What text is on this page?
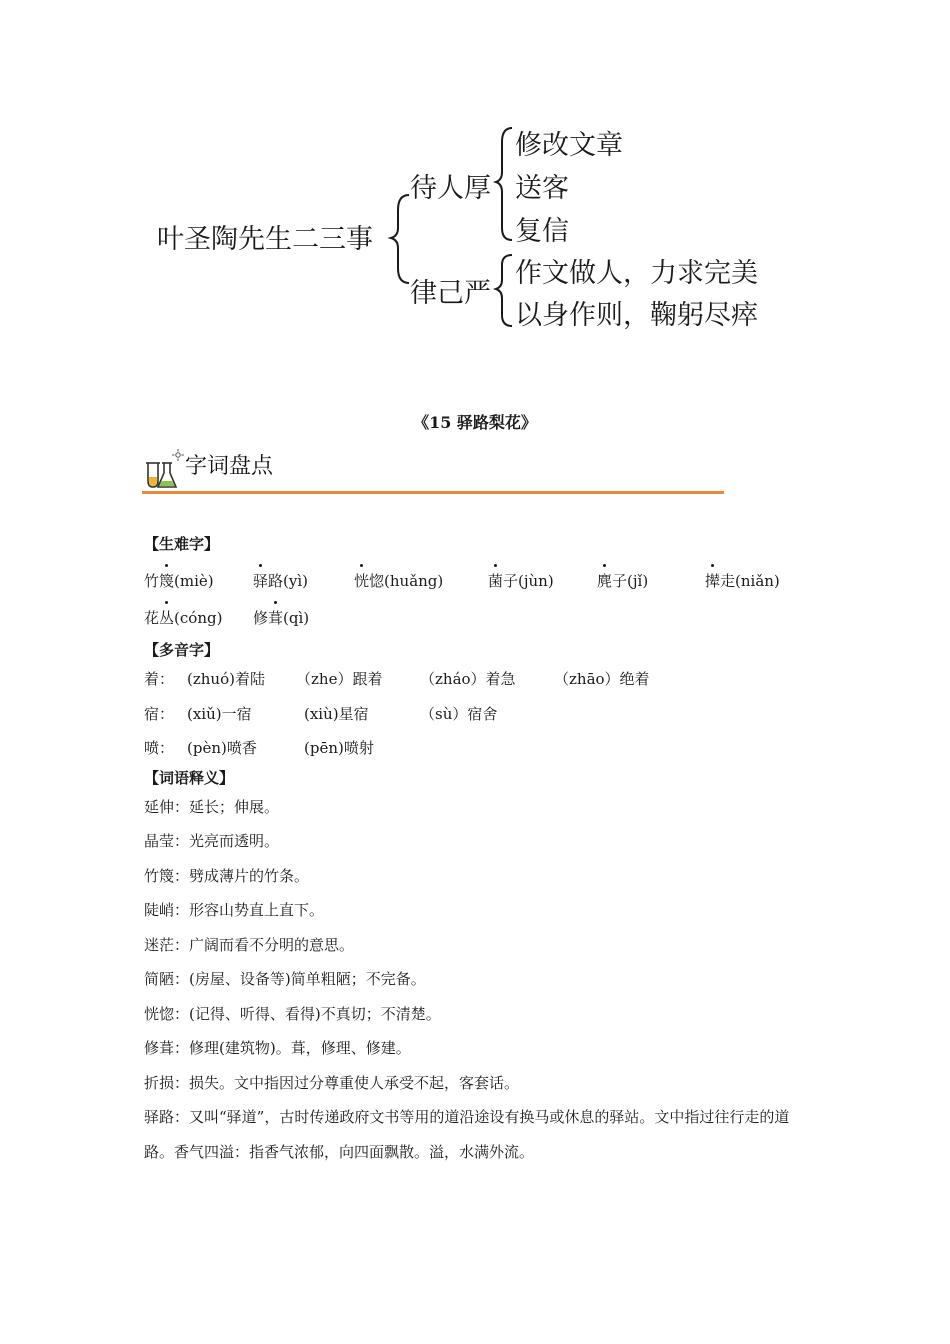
叶圣陶先生二三事
待人厚
律己严
修改文章
送客
复信
作文做人，力求完美
以身作则，鞠躬尽瘁
《15 驿路梨花》
字词盘点
【生难字】
竹篾(miè)	驿路(yì)	恍惚(huǎng)	菌子(jùn)	麂子(jǐ)	撵走(niǎn)
花丛(cóng) 修葺(qì)
【多音字】
着： (zhuó)着陆 （zhe）跟着	（zháo）着急	（zhāo）绝着
宿： (xiǔ)一宿	(xiù)星宿	（sù）宿舍
喷： (pèn)喷香	(pēn)喷射
【词语释义】
延伸：延长；伸展。
晶莹：光亮而透明。
竹篾：劈成薄片的竹条。
陡峭：形容山势直上直下。
迷茫：广阔而看不分明的意思。
简陋：(房屋、设备等)简单粗陋；不完备。
恍惚：(记得、听得、看得)不真切；不清楚。
修葺：修理(建筑物)。葺，修理、修建。
折损：损失。文中指因过分尊重使人承受不起，客套话。
驿路：又叫“驿道”，古时传递政府文书等用的道沿途设有换马或休息的驿站。文中指过往行走的道路。香气四溢：指香气浓郁，向四面飘散。溢，水满外流。
